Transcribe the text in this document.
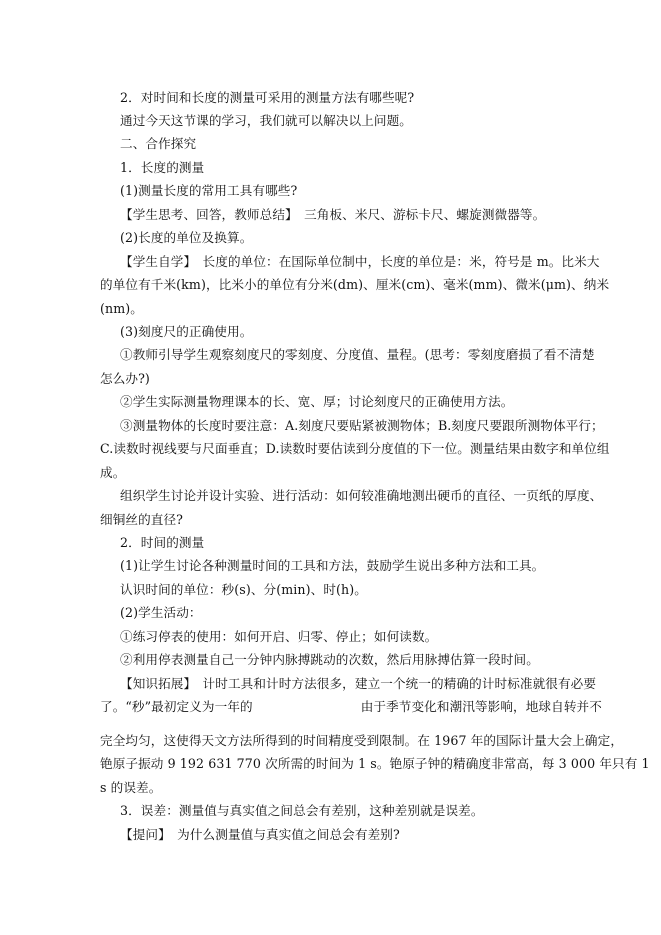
2．对时间和长度的测量可采用的测量方法有哪些呢?
通过今天这节课的学习，我们就可以解决以上问题。
二、合作探究
1．长度的测量
(1)测量长度的常用工具有哪些?
【学生思考、回答，教师总结】　三角板、米尺、游标卡尺、螺旋测微器等。
(2)长度的单位及换算。
【学生自学】　长度的单位：在国际单位制中，长度的单位是：米，符号是 m。比米大
的单位有千米(km)，比米小的单位有分米(dm)、厘米(cm)、毫米(mm)、微米(μm)、纳米
(nm)。
(3)刻度尺的正确使用。
①教师引导学生观察刻度尺的零刻度、分度值、量程。(思考：零刻度磨损了看不清楚
怎么办?)
②学生实际测量物理课本的长、宽、厚；讨论刻度尺的正确使用方法。
③测量物体的长度时要注意：A.刻度尺要贴紧被测物体；B.刻度尺要跟所测物体平行；
C.读数时视线要与尺面垂直；D.读数时要估读到分度值的下一位。测量结果由数字和单位组
成。
组织学生讨论并设计实验、进行活动：如何较准确地测出硬币的直径、一页纸的厚度、
细铜丝的直径?
2．时间的测量
(1)让学生讨论各种测量时间的工具和方法，鼓励学生说出多种方法和工具。
认识时间的单位：秒(s)、分(min)、时(h)。
(2)学生活动：
①练习停表的使用：如何开启、归零、停止；如何读数。
②利用停表测量自己一分钟内脉搏跳动的次数，然后用脉搏估算一段时间。
【知识拓展】　计时工具和计时方法很多，建立一个统一的精确的计时标准就很有必要
了。“秒”最初定义为一年的	由于季节变化和潮汛等影响，地球自转并不
完全均匀，这使得天文方法所得到的时间精度受到限制。在 1967 年的国际计量大会上确定，
铯原子振动 9 192 631 770 次所需的时间为 1 s。铯原子钟的精确度非常高，每 3 000 年只有 1
s 的误差。
3．误差：测量值与真实值之间总会有差别，这种差别就是误差。
【提问】　为什么测量值与真实值之间总会有差别?
